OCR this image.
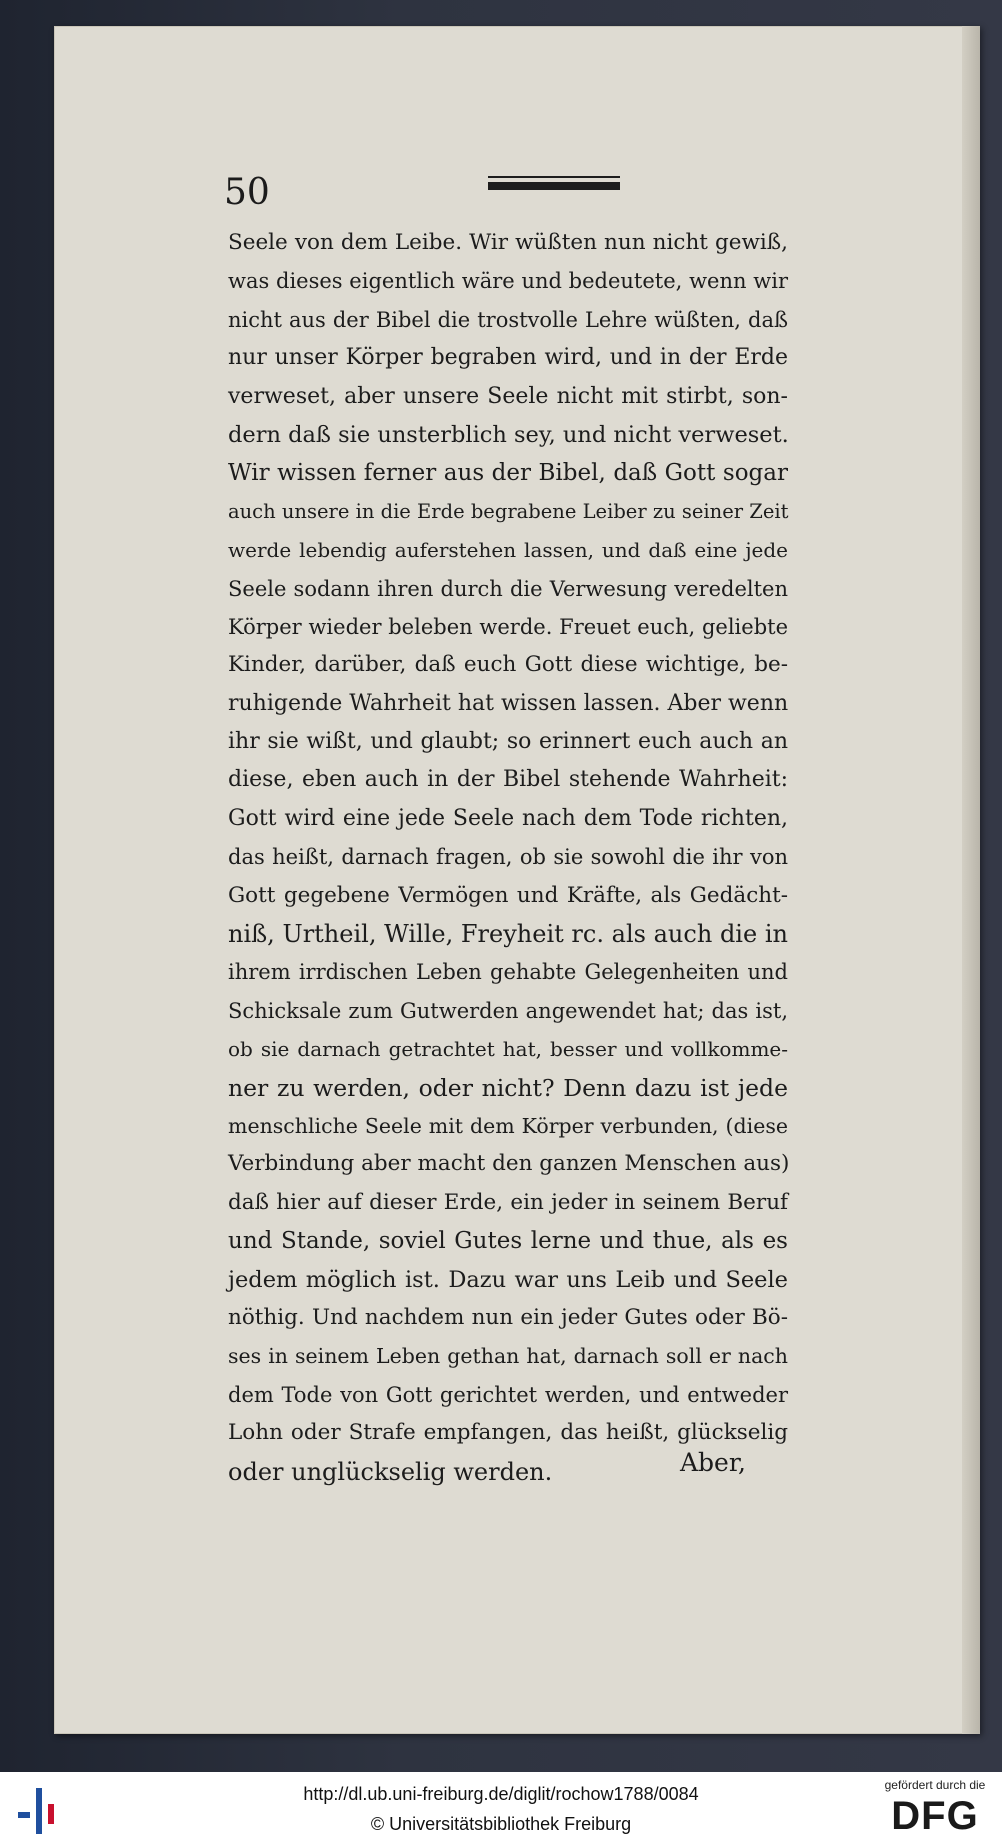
50

Seele von dem Leibe. Wir wüßten nun nicht gewiß,
was dieses eigentlich wäre und bedeutete, wenn wir
nicht aus der Bibel die trostvolle Lehre wüßten, daß
nur unser Körper begraben wird, und in der Erde
verweset, aber unsere Seele nicht mit stirbt, son-
dern daß sie unsterblich sey, und nicht verweset.
Wir wissen ferner aus der Bibel, daß Gott sogar
auch unsere in die Erde begrabene Leiber zu seiner Zeit
werde lebendig auferstehen lassen, und daß eine jede
Seele sodann ihren durch die Verwesung veredelten
Körper wieder beleben werde. Freuet euch, geliebte
Kinder, darüber, daß euch Gott diese wichtige, be-
ruhigende Wahrheit hat wissen lassen. Aber wenn
ihr sie wißt, und glaubt; so erinnert euch auch an
diese, eben auch in der Bibel stehende Wahrheit:
Gott wird eine jede Seele nach dem Tode richten,
das heißt, darnach fragen, ob sie sowohl die ihr von
Gott gegebene Vermögen und Kräfte, als Gedächt-
niß, Urtheil, Wille, Freyheit rc. als auch die in
ihrem irrdischen Leben gehabte Gelegenheiten und
Schicksale zum Gutwerden angewendet hat; das ist,
ob sie darnach getrachtet hat, besser und vollkomme-
ner zu werden, oder nicht? Denn dazu ist jede
menschliche Seele mit dem Körper verbunden, (diese
Verbindung aber macht den ganzen Menschen aus)
daß hier auf dieser Erde, ein jeder in seinem Beruf
und Stande, soviel Gutes lerne und thue, als es
jedem möglich ist. Dazu war uns Leib und Seele
nöthig. Und nachdem nun ein jeder Gutes oder Bö-
ses in seinem Leben gethan hat, darnach soll er nach
dem Tode von Gott gerichtet werden, und entweder
Lohn oder Strafe empfangen, das heißt, glückselig
oder unglückselig werden.	Aber,
http://dl.ub.uni-freiburg.de/diglit/rochow1788/0084
© Universitätsbibliothek Freiburg
gefördert durch die
DFG
